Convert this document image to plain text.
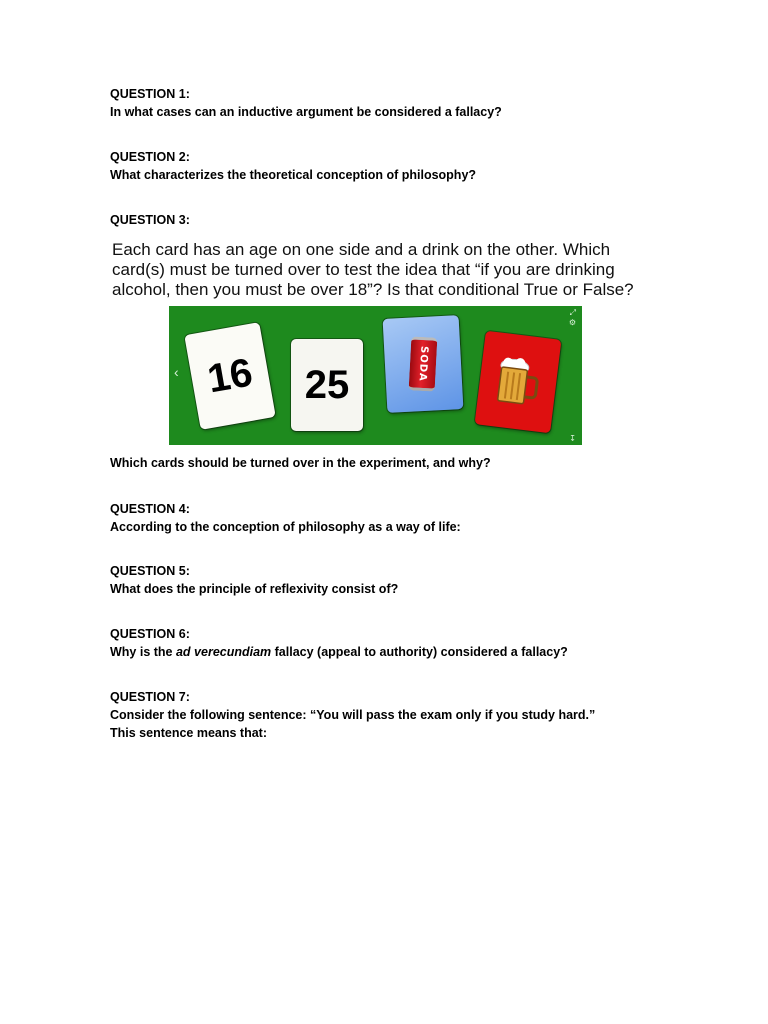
QUESTION 1:
In what cases can an inductive argument be considered a fallacy?
QUESTION 2:
What characterizes the theoretical conception of philosophy?
QUESTION 3:
Each card has an age on one side and a drink on the other. Which
card(s) must be turned over to test the idea that “if you are drinking
alcohol, then you must be over 18”? Is that conditional True or False?
‹
⤢
⚙
↧
16 25	SODA
Which cards should be turned over in the experiment, and why?
QUESTION 4:
According to the conception of philosophy as a way of life:
QUESTION 5:
What does the principle of reflexivity consist of?
QUESTION 6:
Why is the ad verecundiam fallacy (appeal to authority) considered a fallacy?
QUESTION 7:
Consider the following sentence: “You will pass the exam only if you study hard.”
This sentence means that:
